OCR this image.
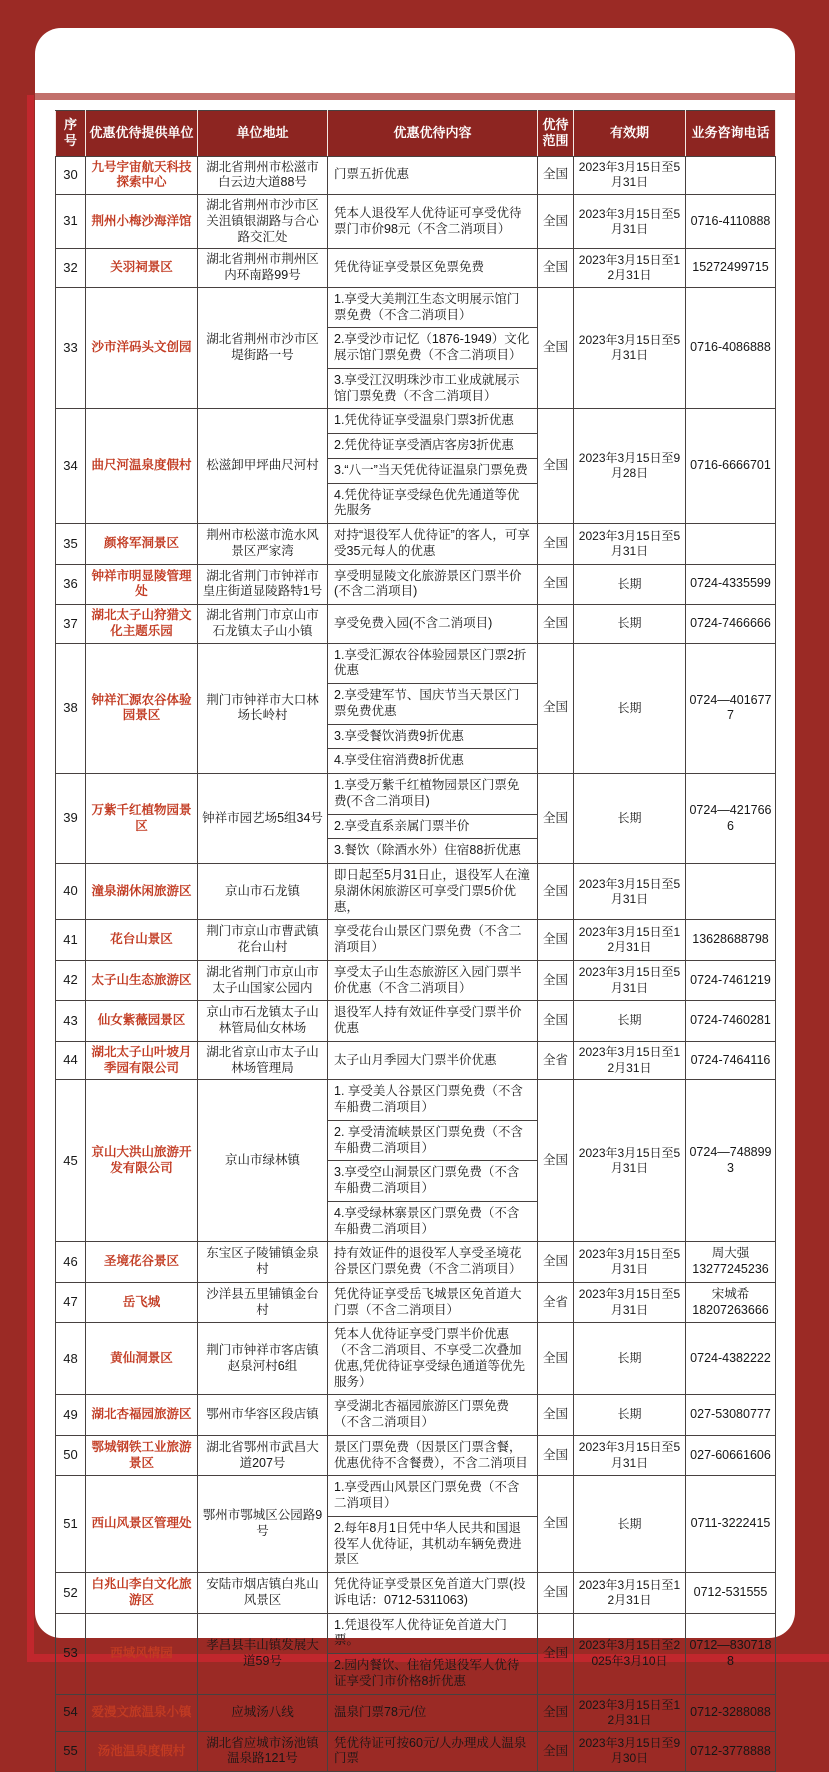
序号	优惠优待提供单位	单位地址	优惠优待内容	优待范围	有效期	业务咨询电话
30	九号宇宙航天科技探索中心	湖北省荆州市松滋市白云边大道88号	门票五折优惠	全国	2023年3月15日至5月31日	
31	荆州小梅沙海洋馆	湖北省荆州市沙市区关沮镇银湖路与合心路交汇处	凭本人退役军人优待证可享受优待票门市价98元（不含二消项目）	全国	2023年3月15日至5月31日	0716-4110888
32	关羽祠景区	湖北省荆州市荆州区内环南路99号	凭优待证享受景区免票免费	全国	2023年3月15日至12月31日	15272499715
33	沙市洋码头文创园	湖北省荆州市沙市区堤街路一号	1.享受大美荆江生态文明展示馆门票免费（不含二消项目）
2.享受沙市记忆（1876-1949）文化展示馆门票免费（不含二消项目）
3.享受江汉明珠沙市工业成就展示馆门票免费（不含二消项目）	全国	2023年3月15日至5月31日	0716-4086888
34	曲尺河温泉度假村	松滋卸甲坪曲尺河村	1.凭优待证享受温泉门票3折优惠
2.凭优待证享受酒店客房3折优惠
3.“八一”当天凭优待证温泉门票免费
4.凭优待证享受绿色优先通道等优先服务	全国	2023年3月15日至9月28日	0716-6666701
35	颜将军洞景区	荆州市松滋市洈水风景区严家湾	对持“退役军人优待证”的客人，可享受35元每人的优惠	全国	2023年3月15日至5月31日	
36	钟祥市明显陵管理处	湖北省荆门市钟祥市皇庄街道显陵路特1号	享受明显陵文化旅游景区门票半价(不含二消项目)	全国	长期	0724-4335599
37	湖北太子山狩猎文化主题乐园	湖北省荆门市京山市石龙镇太子山小镇	享受免费入园(不含二消项目)	全国	长期	0724-7466666
38	钟祥汇源农谷体验园景区	荆门市钟祥市大口林场长岭村	1.享受汇源农谷体验园景区门票2折优惠
2.享受建军节、国庆节当天景区门票免费优惠
3.享受餐饮消费9折优惠
4.享受住宿消费8折优惠	全国	长期	0724—4016777
39	万紫千红植物园景区	钟祥市园艺场5组34号	1.享受万紫千红植物园景区门票免费(不含二消项目)
2.享受直系亲属门票半价
3.餐饮（除酒水外）住宿88折优惠	全国	长期	0724—4217666
40	潼泉湖休闲旅游区	京山市石龙镇	即日起至5月31日止，退役军人在潼泉湖休闲旅游区可享受门票5价优惠，	全国	2023年3月15日至5月31日	
41	花台山景区	荆门市京山市曹武镇花台山村	享受花台山景区门票免费（不含二消项目）	全国	2023年3月15日至12月31日	13628688798
42	太子山生态旅游区	湖北省荆门市京山市太子山国家公园内	享受太子山生态旅游区入园门票半价优惠（不含二消项目）	全国	2023年3月15日至5月31日	0724-7461219
43	仙女紫薇园景区	京山市石龙镇太子山林管局仙女林场	退役军人持有效证件享受门票半价优惠	全国	长期	0724-7460281
44	湖北太子山叶坡月季园有限公司	湖北省京山市太子山林场管理局	太子山月季园大门票半价优惠	全省	2023年3月15日至12月31日	0724-7464116
45	京山大洪山旅游开发有限公司	京山市绿林镇	1. 享受美人谷景区门票免费（不含车船费二消项目）
2. 享受清流峡景区门票免费（不含车船费二消项目）
3.享受空山洞景区门票免费（不含车船费二消项目）
4.享受绿林寨景区门票免费（不含车船费二消项目）	全国	2023年3月15日至5月31日	0724—7488993
46	圣境花谷景区	东宝区子陵铺镇金泉村	持有效证件的退役军人享受圣境花谷景区门票免费（不含二消项目）	全国	2023年3月15日至5月31日	周大强
13277245236
47	岳飞城	沙洋县五里铺镇金台村	凭优待证享受岳飞城景区免首道大门票（不含二消项目）	全省	2023年3月15日至5月31日	宋城希
18207263666
48	黄仙洞景区	荆门市钟祥市客店镇赵泉河村6组	凭本人优待证享受门票半价优惠（不含二消项目、不享受二次叠加优惠,凭优待证享受绿色通道等优先服务）	全国	长期	0724-4382222
49	湖北杏福园旅游区	鄂州市华容区段店镇	享受湖北杏福园旅游区门票免费（不含二消项目）	全国	长期	027-53080777
50	鄂城钢铁工业旅游景区	湖北省鄂州市武昌大道207号	景区门票免费（因景区门票含餐，优惠优待不含餐费），不含二消项目	全国	2023年3月15日至5月31日	027-60661606
51	西山风景区管理处	鄂州市鄂城区公园路9号	1.享受西山风景区门票免费（不含二消项目）
2.每年8月1日凭中华人民共和国退役军人优待证，其机动车辆免费进景区	全国	长期	0711-3222415
52	白兆山李白文化旅游区	安陆市烟店镇白兆山风景区	凭优待证享受景区免首道大门票(投诉电话：0712-5311063)	全国	2023年3月15日至12月31日	0712-531555
53	西域风情园	孝昌县丰山镇发展大道59号	1.凭退役军人优待证免首道大门票。
2.园内餐饮、住宿凭退役军人优待证享受门市价格8折优惠	全国	2023年3月15日至2025年3月10日	0712—8307188
54	爱漫文旅温泉小镇	应城汤八线	温泉门票78元/位	全国	2023年3月15日至12月31日	0712-3288088
55	汤池温泉度假村	湖北省应城市汤池镇温泉路121号	凭优待证可按60元/人办理成人温泉门票	全国	2023年3月15日至9月30日	0712-3778888
